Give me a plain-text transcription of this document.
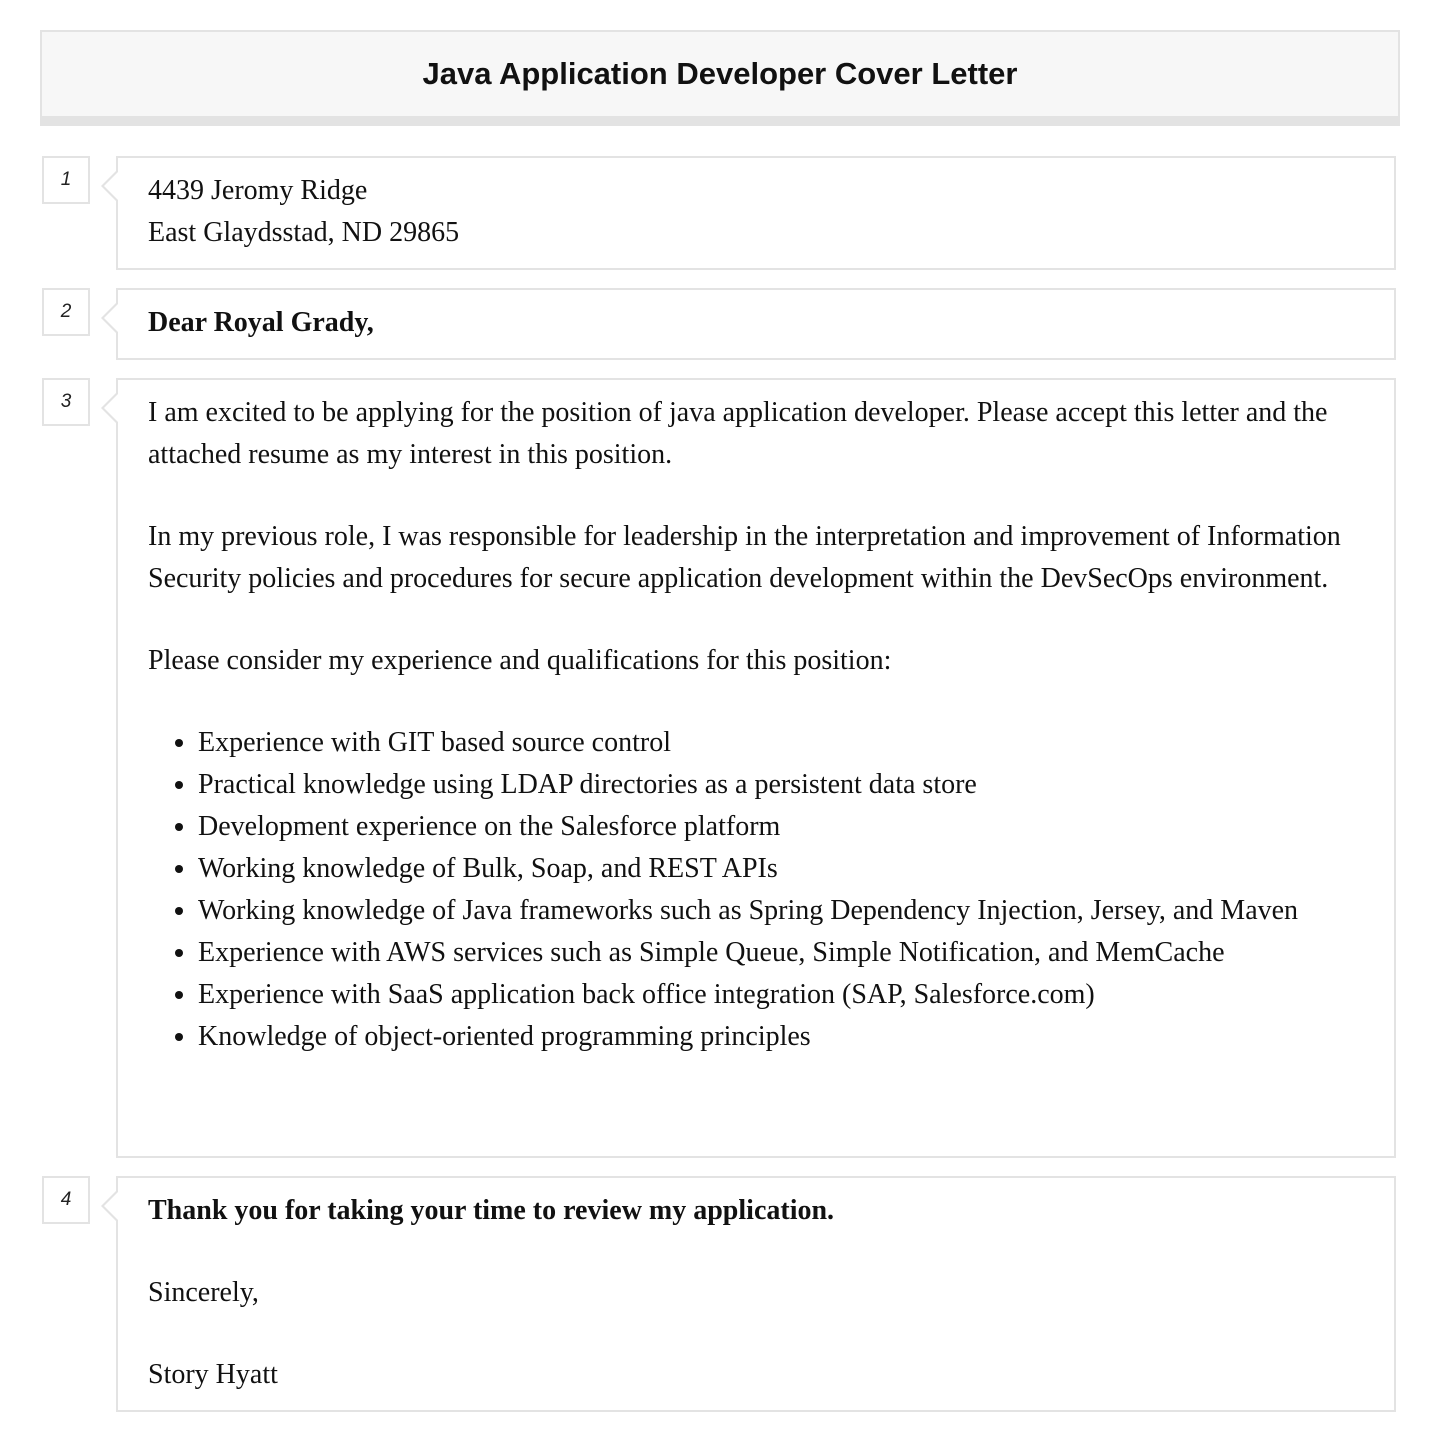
Java Application Developer Cover Letter
1	4439 Jeromy Ridge
East Glaydsstad, ND 29865
2	Dear Royal Grady,
3	I am excited to be applying for the position of java application developer. Please accept this letter and the attached resume as my interest in this position.

In my previous role, I was responsible for leadership in the interpretation and improvement of Information Security policies and procedures for secure application development within the DevSecOps environment.

Please consider my experience and qualifications for this position:

• Experience with GIT based source control
• Practical knowledge using LDAP directories as a persistent data store
• Development experience on the Salesforce platform
• Working knowledge of Bulk, Soap, and REST APIs
• Working knowledge of Java frameworks such as Spring Dependency Injection, Jersey, and Maven
• Experience with AWS services such as Simple Queue, Simple Notification, and MemCache
• Experience with SaaS application back office integration (SAP, Salesforce.com)
• Knowledge of object-oriented programming principles
4	Thank you for taking your time to review my application.

Sincerely,

Story Hyatt
